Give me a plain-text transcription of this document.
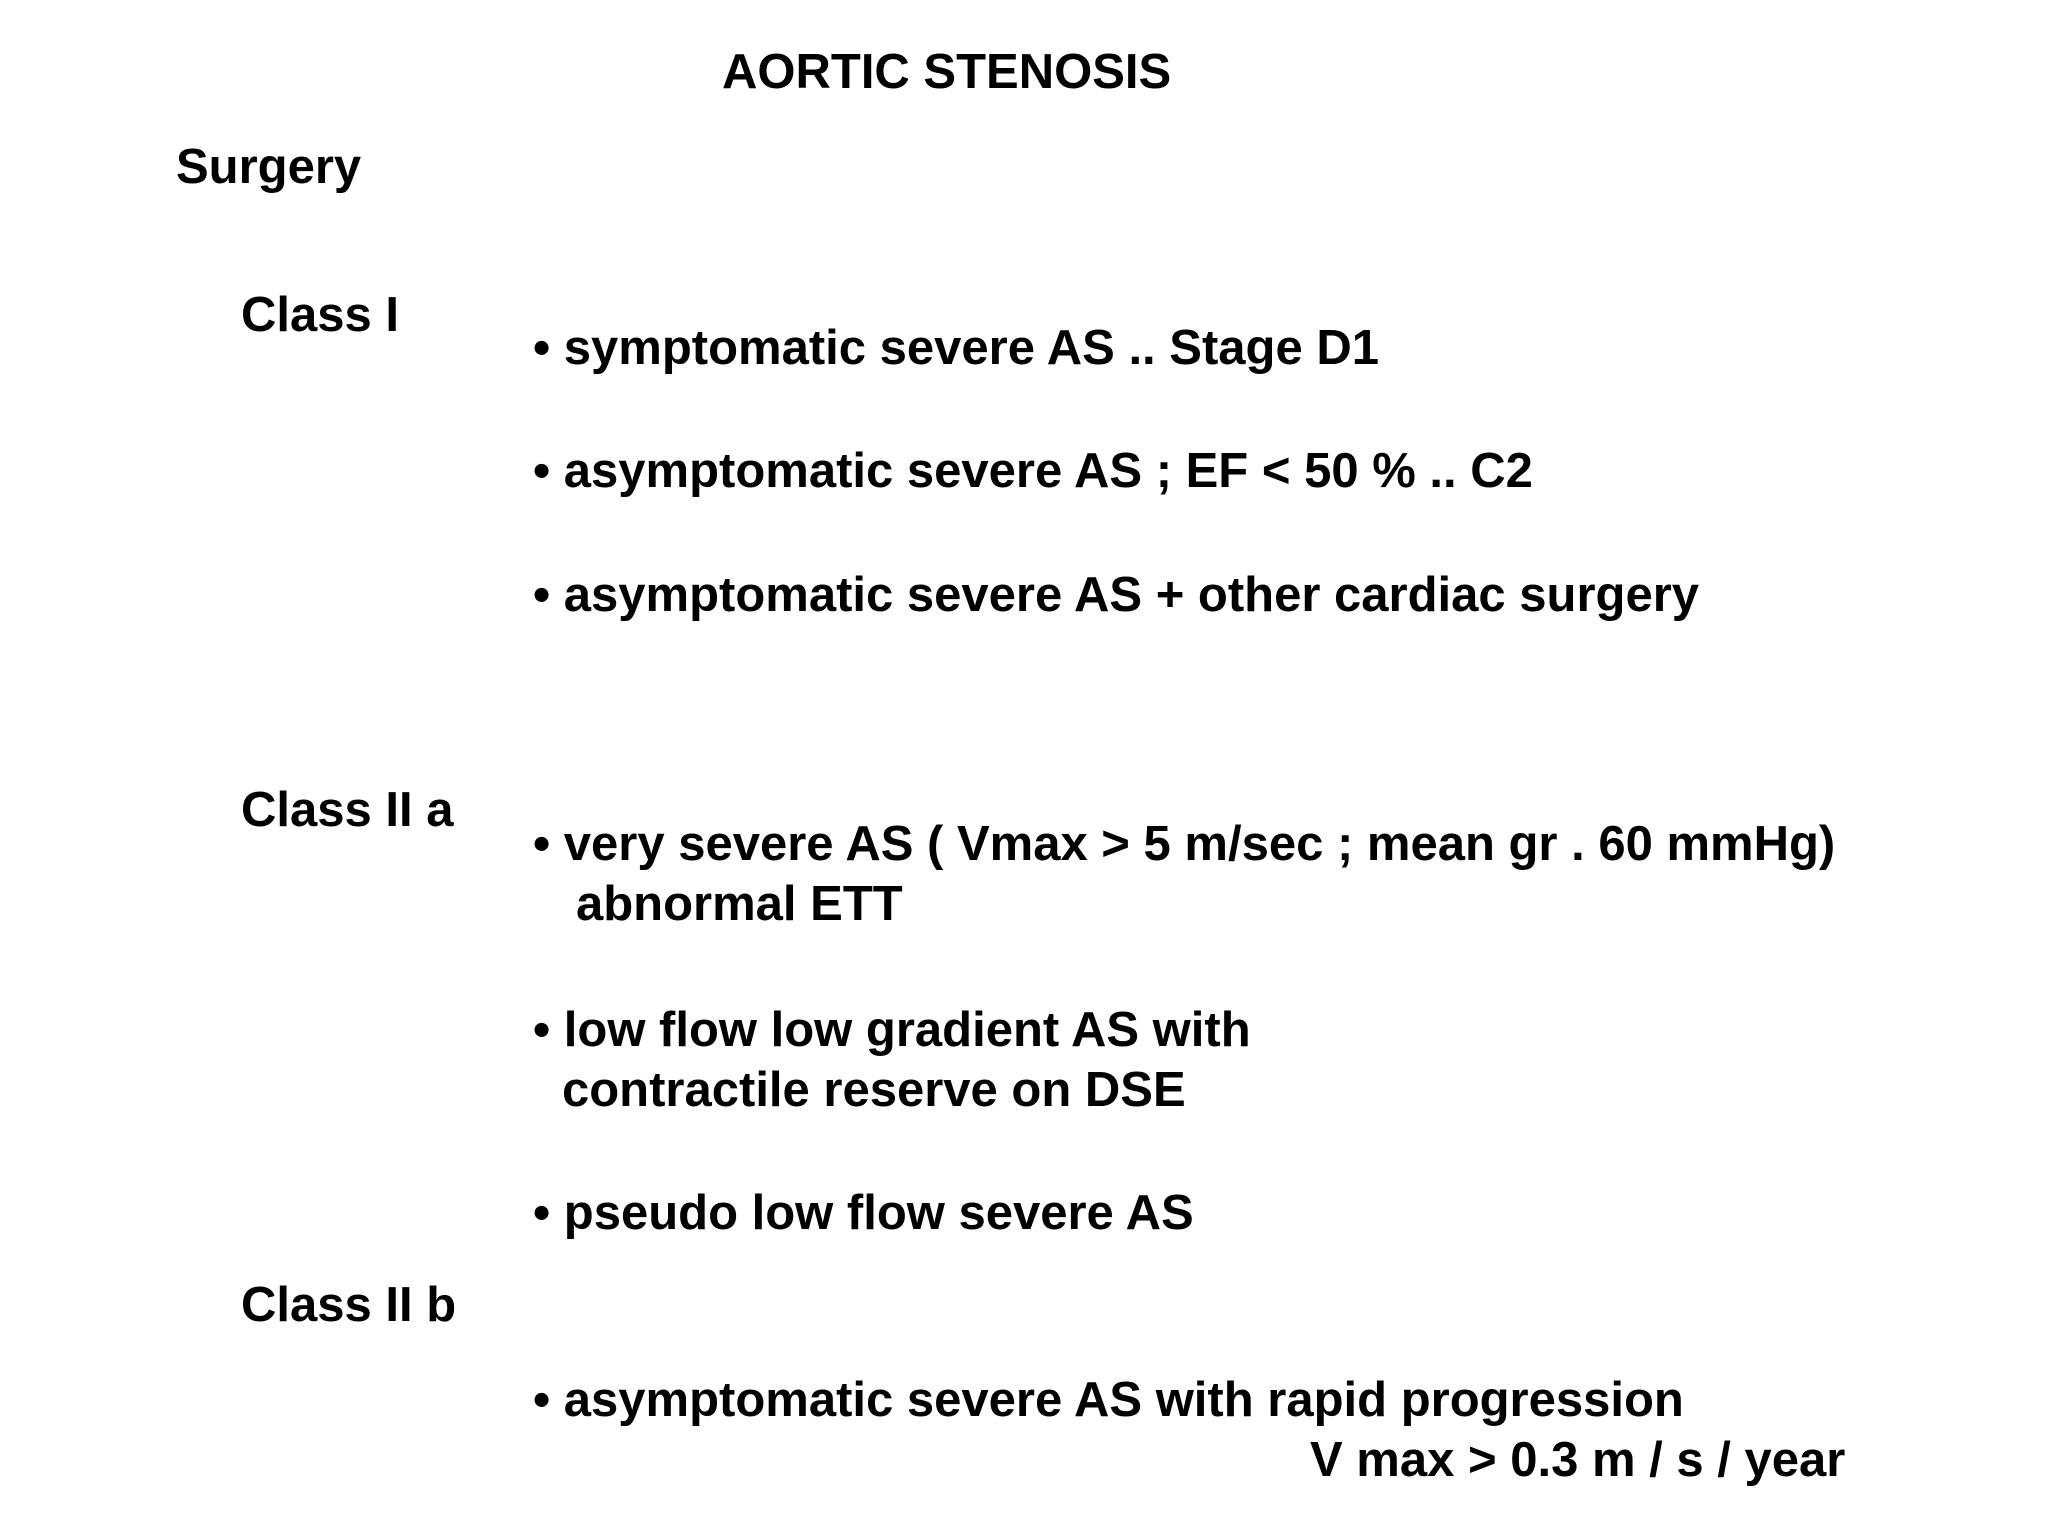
AORTIC STENOSIS
Surgery
Class I
• symptomatic severe AS .. Stage D1
• asymptomatic severe AS ; EF < 50 % .. C2
• asymptomatic severe AS + other cardiac surgery
Class II a
• very severe AS ( Vmax > 5 m/sec ; mean gr . 60 mmHg)
abnormal ETT
• low flow low gradient AS with
contractile reserve on DSE
• pseudo low flow severe AS
Class II b
• asymptomatic severe AS with rapid progression
V max > 0.3 m / s / year
